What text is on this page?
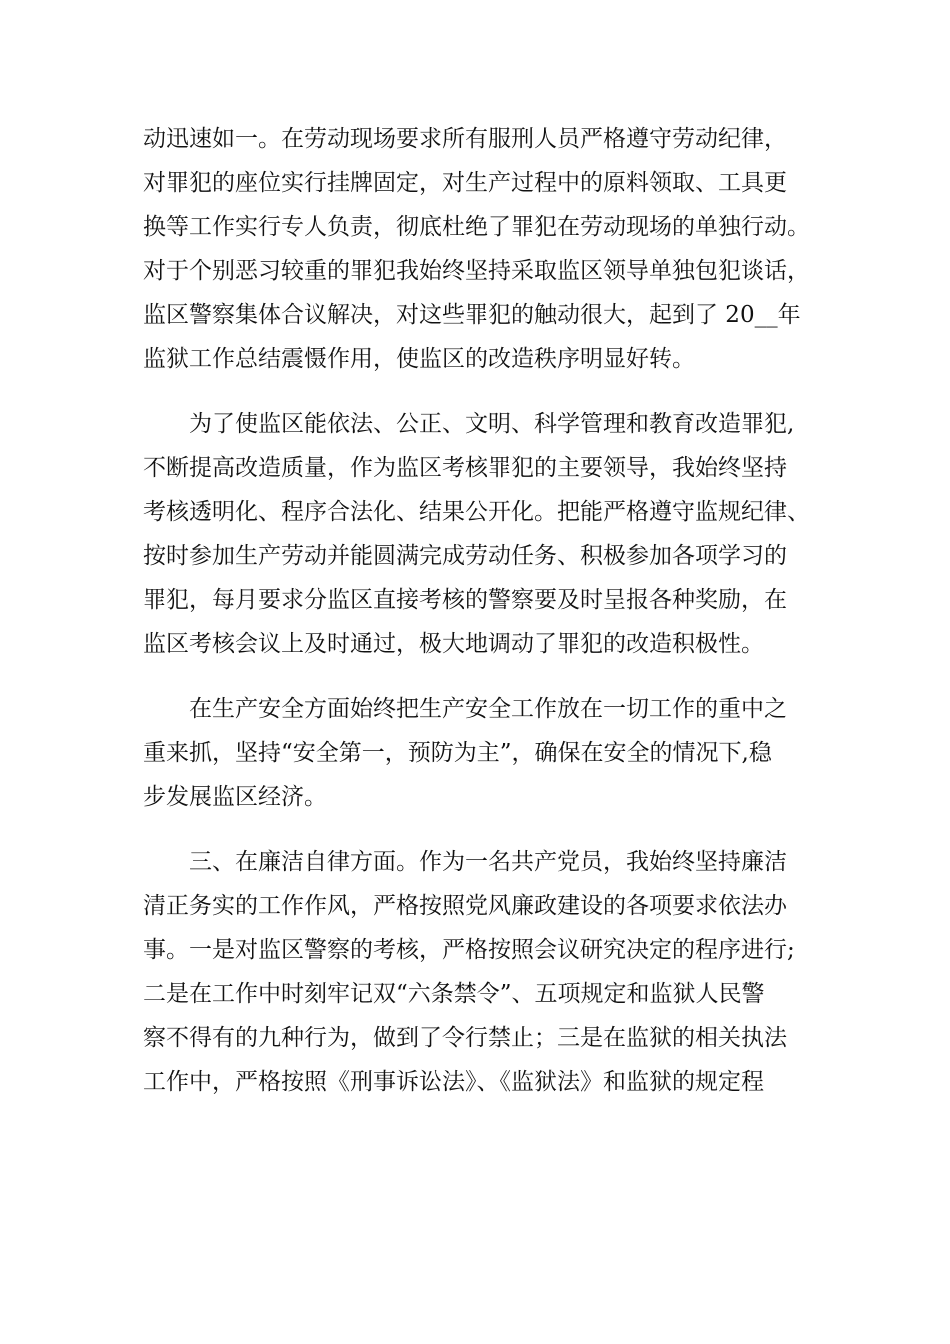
动迅速如一。在劳动现场要求所有服刑人员严格遵守劳动纪律，
对罪犯的座位实行挂牌固定，对生产过程中的原料领取、工具更
换等工作实行专人负责，彻底杜绝了罪犯在劳动现场的单独行动。
对于个别恶习较重的罪犯我始终坚持采取监区领导单独包犯谈话，
监区警察集体合议解决，对这些罪犯的触动很大，起到了 20__年
监狱工作总结震慑作用，使监区的改造秩序明显好转。

为了使监区能依法、公正、文明、科学管理和教育改造罪犯,
不断提高改造质量，作为监区考核罪犯的主要领导，我始终坚持
考核透明化、程序合法化、结果公开化。把能严格遵守监规纪律、
按时参加生产劳动并能圆满完成劳动任务、积极参加各项学习的
罪犯，每月要求分监区直接考核的警察要及时呈报各种奖励，在
监区考核会议上及时通过，极大地调动了罪犯的改造积极性。

在生产安全方面始终把生产安全工作放在一切工作的重中之
重来抓，坚持“安全第一，预防为主”，确保在安全的情况下,稳
步发展监区经济。

三、在廉洁自律方面。作为一名共产党员，我始终坚持廉洁
清正务实的工作作风，严格按照党风廉政建设的各项要求依法办
事。一是对监区警察的考核，严格按照会议研究决定的程序进行;
二是在工作中时刻牢记双“六条禁令”、五项规定和监狱人民警
察不得有的九种行为，做到了令行禁止；三是在监狱的相关执法
工作中，严格按照《刑事诉讼法》、《监狱法》和监狱的规定程
